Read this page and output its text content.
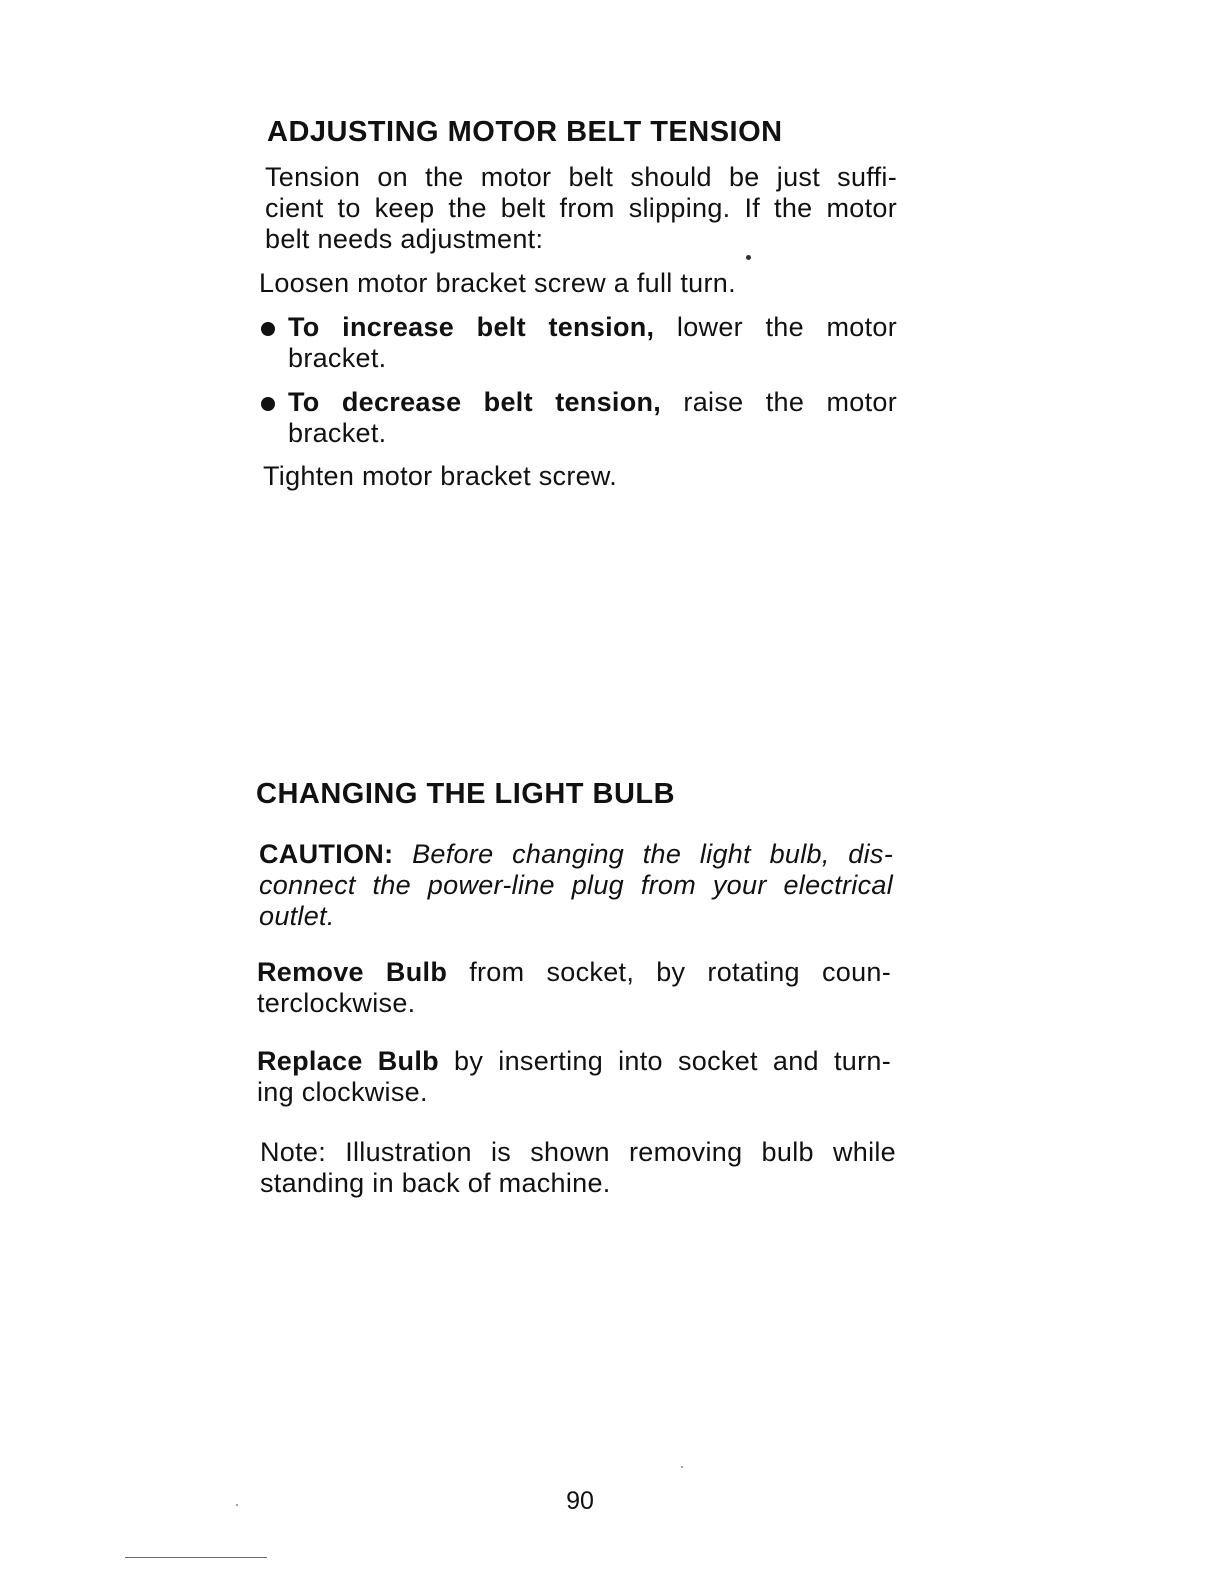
ADJUSTING MOTOR BELT TENSION
Tension on the motor belt should be just suffi-
cient to keep the belt from slipping. If the motor
belt needs adjustment:
Loosen motor bracket screw a full turn.
To increase belt tension, lower the motor
bracket.
To decrease belt tension, raise the motor
bracket.
Tighten motor bracket screw.
CHANGING THE LIGHT BULB
CAUTION: Before changing the light bulb, dis-
connect the power-line plug from your electrical
outlet.
Remove Bulb from socket, by rotating coun-
terclockwise.
Replace Bulb by inserting into socket and turn-
ing clockwise.
Note: Illustration is shown removing bulb while
standing in back of machine.
90
